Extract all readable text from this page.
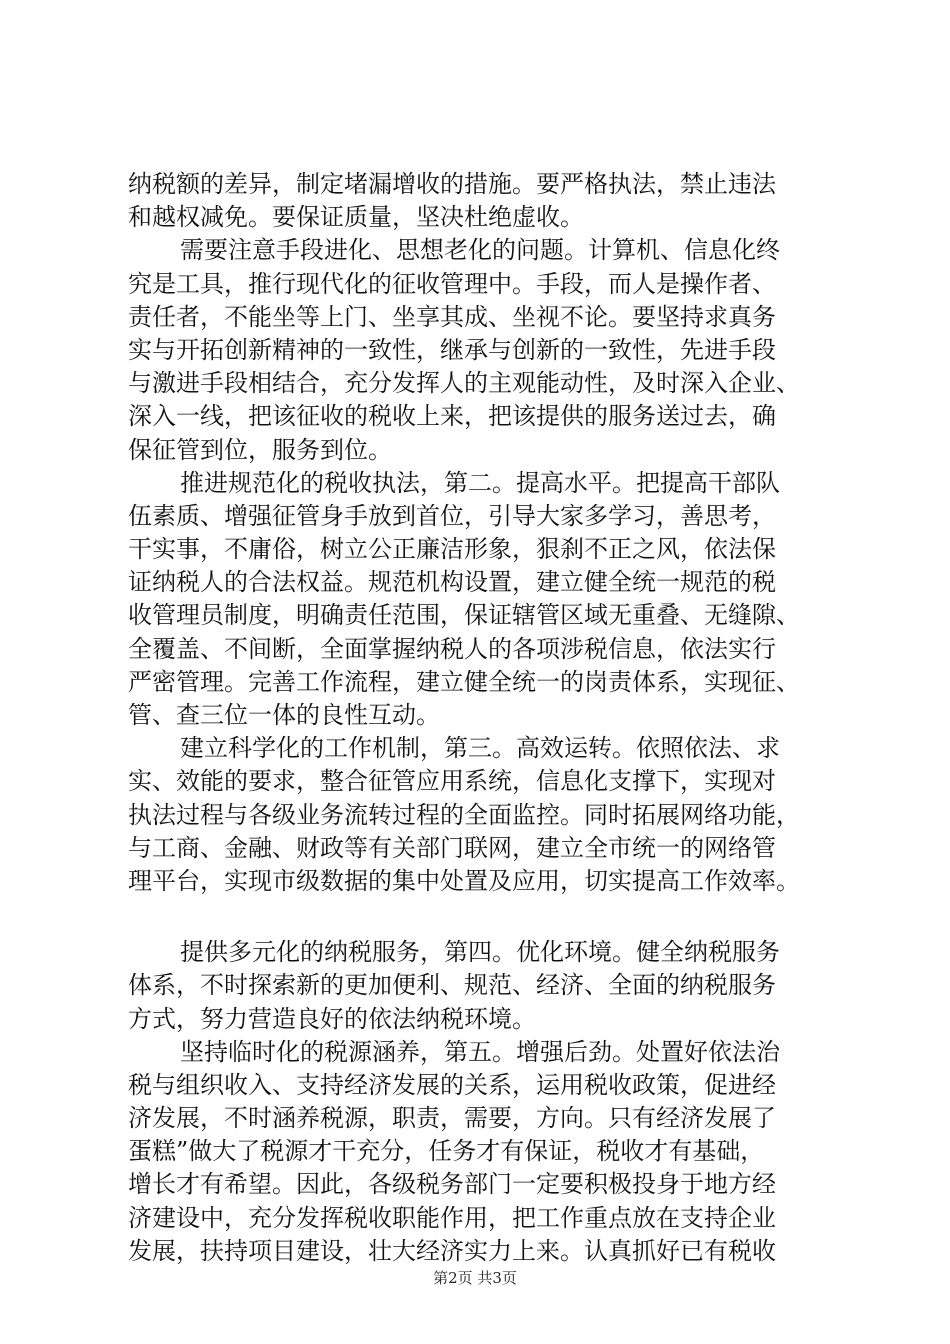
纳税额的差异，制定堵漏增收的措施。要严格执法，禁止违法
和越权减免。要保证质量，坚决杜绝虚收。
需要注意手段进化、思想老化的问题。计算机、信息化终
究是工具，推行现代化的征收管理中。手段，而人是操作者、
责任者，不能坐等上门、坐享其成、坐视不论。要坚持求真务
实与开拓创新精神的一致性，继承与创新的一致性，先进手段
与激进手段相结合，充分发挥人的主观能动性，及时深入企业、
深入一线，把该征收的税收上来，把该提供的服务送过去，确
保征管到位，服务到位。
推进规范化的税收执法，第二。提高水平。把提高干部队
伍素质、增强征管身手放到首位，引导大家多学习，善思考，
干实事，不庸俗，树立公正廉洁形象，狠刹不正之风，依法保
证纳税人的合法权益。规范机构设置，建立健全统一规范的税
收管理员制度，明确责任范围，保证辖管区域无重叠、无缝隙、
全覆盖、不间断，全面掌握纳税人的各项涉税信息，依法实行
严密管理。完善工作流程，建立健全统一的岗责体系，实现征、
管、查三位一体的良性互动。
建立科学化的工作机制，第三。高效运转。依照依法、求
实、效能的要求，整合征管应用系统，信息化支撑下，实现对
执法过程与各级业务流转过程的全面监控。同时拓展网络功能，
与工商、金融、财政等有关部门联网，建立全市统一的网络管
理平台，实现市级数据的集中处置及应用，切实提高工作效率。
提供多元化的纳税服务，第四。优化环境。健全纳税服务
体系，不时探索新的更加便利、规范、经济、全面的纳税服务
方式，努力营造良好的依法纳税环境。
坚持临时化的税源涵养，第五。增强后劲。处置好依法治
税与组织收入、支持经济发展的关系，运用税收政策，促进经
济发展，不时涵养税源，职责，需要，方向。只有经济发展了
蛋糕”做大了税源才干充分，任务才有保证，税收才有基础，
增长才有希望。因此，各级税务部门一定要积极投身于地方经
济建设中，充分发挥税收职能作用，把工作重点放在支持企业
发展，扶持项目建设，壮大经济实力上来。认真抓好已有税收
第2页 共3页
